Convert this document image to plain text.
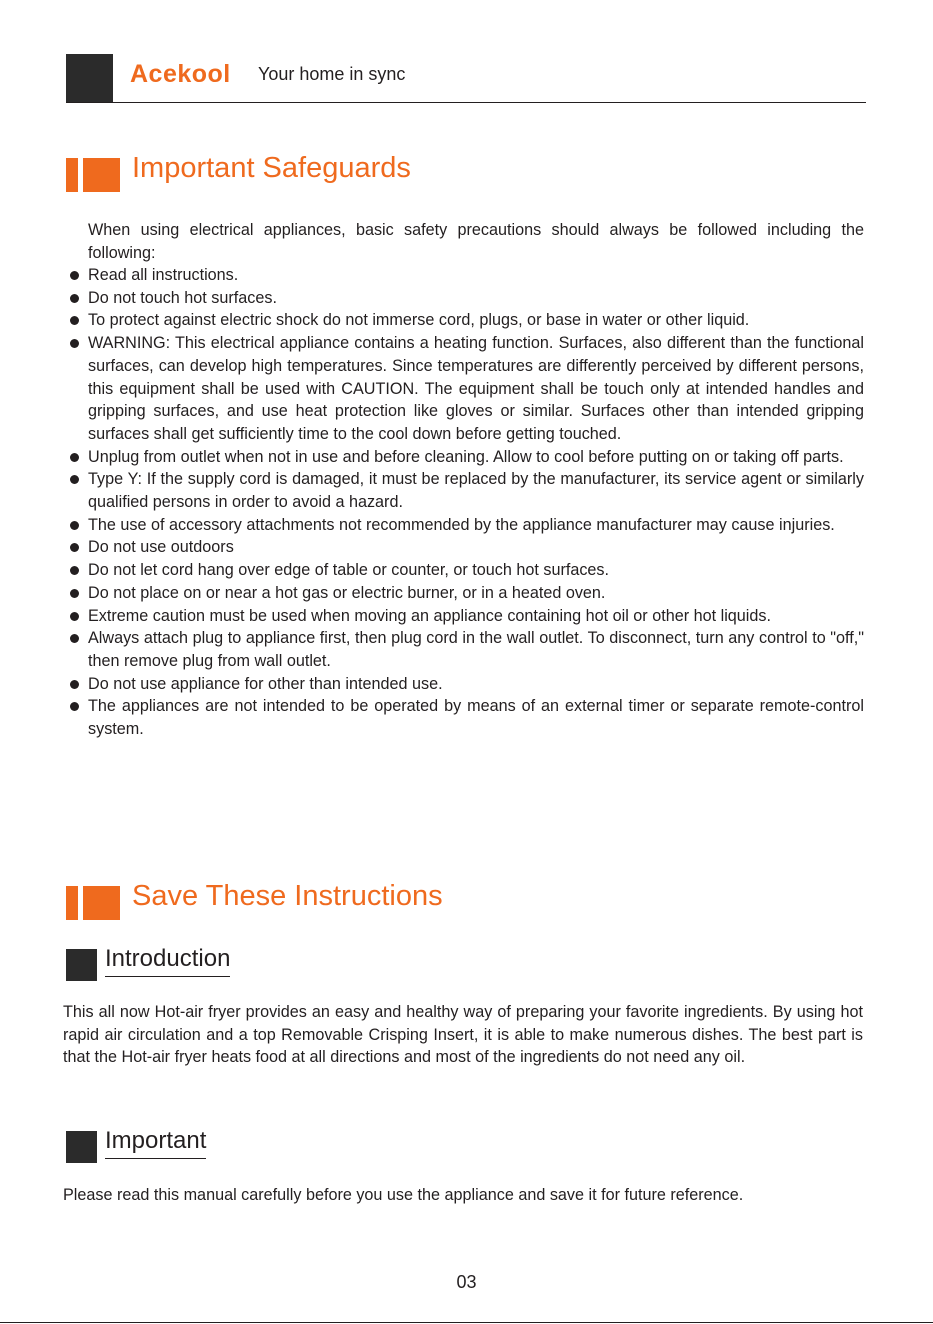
Acekool Your home in sync
Important Safeguards

When using electrical appliances, basic safety precautions should always be followed including the following:

Read all instructions.
Do not touch hot surfaces.
To protect against electric shock do not immerse cord, plugs, or base in water or other liquid.
WARNING: This electrical appliance contains a heating function. Surfaces, also different than the functional surfaces, can develop high temperatures. Since temperatures are differently perceived by different persons, this equipment shall be used with CAUTION. The equipment shall be touch only at intended handles and gripping surfaces, and use heat protection like gloves or similar. Surfaces other than intended gripping surfaces shall get sufficiently time to the cool down before getting touched.
Unplug from outlet when not in use and before cleaning. Allow to cool before putting on or taking off parts.
Type Y: If the supply cord is damaged, it must be replaced by the manufacturer, its service agent or similarly qualified persons in order to avoid a hazard.
The use of accessory attachments not recommended by the appliance manufacturer may cause injuries.
Do not use outdoors
Do not let cord hang over edge of table or counter, or touch hot surfaces.
Do not place on or near a hot gas or electric burner, or in a heated oven.
Extreme caution must be used when moving an appliance containing hot oil or other hot liquids.
Always attach plug to appliance first, then plug cord in the wall outlet. To disconnect, turn any control to "off," then remove plug from wall outlet.
Do not use appliance for other than intended use.
The appliances are not intended to be operated by means of an external timer or separate remote-control system.
Save These Instructions
Introduction

This all now Hot-air fryer provides an easy and healthy way of preparing your favorite ingredients. By using hot rapid air circulation and a top Removable Crisping Insert, it is able to make numerous dishes. The best part is that the Hot-air fryer heats food at all directions and most of the ingredients do not need any oil.

Important

Please read this manual carefully before you use the appliance and save it for future reference.

03
